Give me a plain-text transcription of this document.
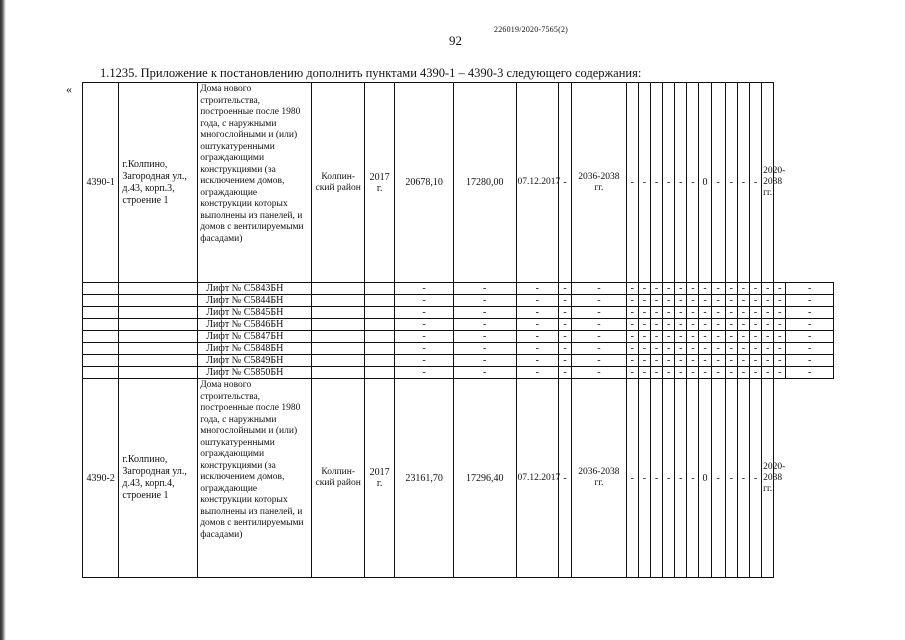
226019/2020-7565(2)
92
1.1235. Приложение к постановлению дополнить пунктами 4390-1 – 4390-3 следующего содержания:
«
4390-1	г.Колпино, Загородная ул., д.43, корп.3, строение 1	Дома нового строительства, построенные после 1980 года, с наружными многослойными и (или) оштукатуренными ограждающими конструкциями (за исключением домов, ограждающие конструкции которых выполнены из панелей, и домов с вентилируемыми фасадами)	Колпин-ский район	2017 г.	20678,10	17280,00	07.12.2017	-	2036-2038 гг.	-	-	-	-	-	-	0	-	-	-	-	2020-2038 гг.		
		Лифт № С5843БН			-	-	-	-	-	-	-	-	-	-	-	-	-	-	-	-	-	-	-
		Лифт № С5844БН			-	-	-	-	-	-	-	-	-	-	-	-	-	-	-	-	-	-	-
		Лифт № С5845БН			-	-	-	-	-	-	-	-	-	-	-	-	-	-	-	-	-	-	-
		Лифт № С5846БН			-	-	-	-	-	-	-	-	-	-	-	-	-	-	-	-	-	-	-
		Лифт № С5847БН			-	-	-	-	-	-	-	-	-	-	-	-	-	-	-	-	-	-	-
		Лифт № С5848БН			-	-	-	-	-	-	-	-	-	-	-	-	-	-	-	-	-	-	-
		Лифт № С5849БН			-	-	-	-	-	-	-	-	-	-	-	-	-	-	-	-	-	-	-
		Лифт № С5850БН			-	-	-	-	-	-	-	-	-	-	-	-	-	-	-	-	-	-	-
4390-2	г.Колпино, Загородная ул., д.43, корп.4, строение 1	Дома нового строительства, построенные после 1980 года, с наружными многослойными и (или) оштукатуренными ограждающими конструкциями (за исключением домов, ограждающие конструкции которых выполнены из панелей, и домов с вентилируемыми фасадами)	Колпин-ский район	2017 г.	23161,70	17296,40	07.12.2017	-	2036-2038 гг.	-	-	-	-	-	-	0	-	-	-	-	2020-2038 гг.		
